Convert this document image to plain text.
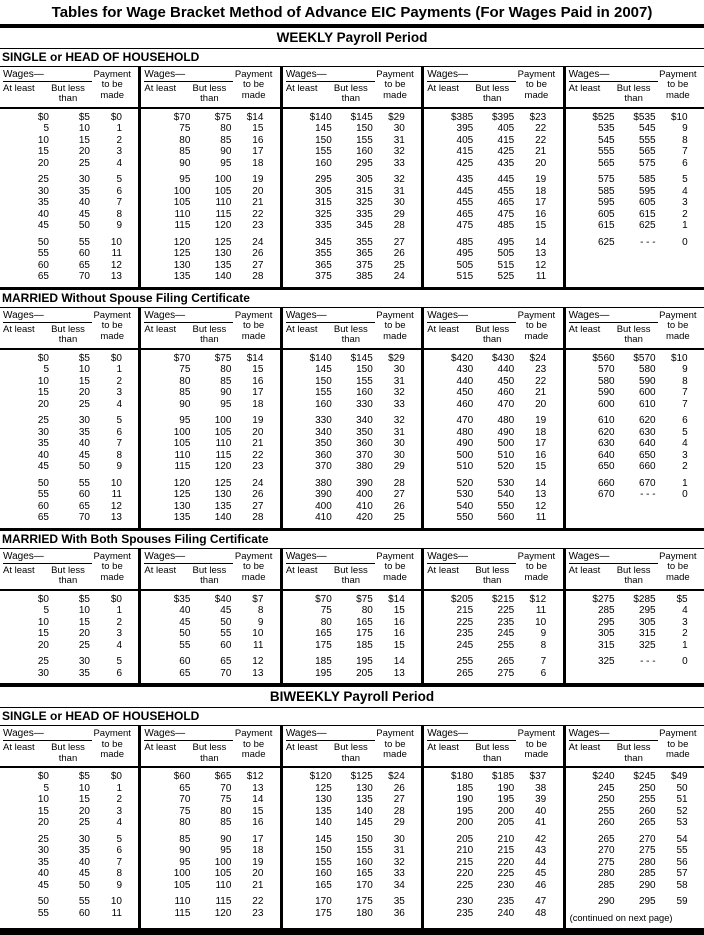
Tables for Wage Bracket Method of Advance EIC Payments (For Wages Paid in 2007)
WEEKLY Payroll Period
SINGLE or HEAD OF HOUSEHOLD
Wages—
At least	But less than
Payment to be made
$0	$5	$0
5	10	1
10	15	2
15	20	3
20	25	4
25	30	5
30	35	6
35	40	7
40	45	8
45	50	9
50	55	10
55	60	11
60	65	12
65	70	13
Wages—
At least	But less than
Payment to be made
$70	$75	$14
75	80	15
80	85	16
85	90	17
90	95	18
95	100	19
100	105	20
105	110	21
110	115	22
115	120	23
120	125	24
125	130	26
130	135	27
135	140	28
Wages—
At least	But less than
Payment to be made
$140	$145	$29
145	150	30
150	155	31
155	160	32
160	295	33
295	305	32
305	315	31
315	325	30
325	335	29
335	345	28
345	355	27
355	365	26
365	375	25
375	385	24
Wages—
At least	But less than
Payment to be made
$385	$395	$23
395	405	22
405	415	22
415	425	21
425	435	20
435	445	19
445	455	18
455	465	17
465	475	16
475	485	15
485	495	14
495	505	13
505	515	12
515	525	11
Wages—
At least	But less than
Payment to be made
$525	$535	$10
535	545	9
545	555	8
555	565	7
565	575	6
575	585	5
585	595	4
595	605	3
605	615	2
615	625	1
625	- - -	0
MARRIED Without Spouse Filing Certificate
Wages—
At least	But less than
Payment to be made
$0	$5	$0
5	10	1
10	15	2
15	20	3
20	25	4
25	30	5
30	35	6
35	40	7
40	45	8
45	50	9
50	55	10
55	60	11
60	65	12
65	70	13
Wages—
At least	But less than
Payment to be made
$70	$75	$14
75	80	15
80	85	16
85	90	17
90	95	18
95	100	19
100	105	20
105	110	21
110	115	22
115	120	23
120	125	24
125	130	26
130	135	27
135	140	28
Wages—
At least	But less than
Payment to be made
$140	$145	$29
145	150	30
150	155	31
155	160	32
160	330	33
330	340	32
340	350	31
350	360	30
360	370	30
370	380	29
380	390	28
390	400	27
400	410	26
410	420	25
Wages—
At least	But less than
Payment to be made
$420	$430	$24
430	440	23
440	450	22
450	460	21
460	470	20
470	480	19
480	490	18
490	500	17
500	510	16
510	520	15
520	530	14
530	540	13
540	550	12
550	560	11
Wages—
At least	But less than
Payment to be made
$560	$570	$10
570	580	9
580	590	8
590	600	7
600	610	7
610	620	6
620	630	5
630	640	4
640	650	3
650	660	2
660	670	1
670	- - -	0
MARRIED With Both Spouses Filing Certificate
Wages—
At least	But less than
Payment to be made
$0	$5	$0
5	10	1
10	15	2
15	20	3
20	25	4
25	30	5
30	35	6
Wages—
At least	But less than
Payment to be made
$35	$40	$7
40	45	8
45	50	9
50	55	10
55	60	11
60	65	12
65	70	13
Wages—
At least	But less than
Payment to be made
$70	$75	$14
75	80	15
80	165	16
165	175	16
175	185	15
185	195	14
195	205	13
Wages—
At least	But less than
Payment to be made
$205	$215	$12
215	225	11
225	235	10
235	245	9
245	255	8
255	265	7
265	275	6
Wages—
At least	But less than
Payment to be made
$275	$285	$5
285	295	4
295	305	3
305	315	2
315	325	1
325	- - -	0
BIWEEKLY Payroll Period
SINGLE or HEAD OF HOUSEHOLD
Wages—
At least	But less than
Payment to be made
$0	$5	$0
5	10	1
10	15	2
15	20	3
20	25	4
25	30	5
30	35	6
35	40	7
40	45	8
45	50	9
50	55	10
55	60	11
Wages—
At least	But less than
Payment to be made
$60	$65	$12
65	70	13
70	75	14
75	80	15
80	85	16
85	90	17
90	95	18
95	100	19
100	105	20
105	110	21
110	115	22
115	120	23
Wages—
At least	But less than
Payment to be made
$120	$125	$24
125	130	26
130	135	27
135	140	28
140	145	29
145	150	30
150	155	31
155	160	32
160	165	33
165	170	34
170	175	35
175	180	36
Wages—
At least	But less than
Payment to be made
$180	$185	$37
185	190	38
190	195	39
195	200	40
200	205	41
205	210	42
210	215	43
215	220	44
220	225	45
225	230	46
230	235	47
235	240	48
Wages—
At least	But less than
Payment to be made
$240	$245	$49
245	250	50
250	255	51
255	260	52
260	265	53
265	270	54
270	275	55
275	280	56
280	285	57
285	290	58
290	295	59
(continued on next page)
